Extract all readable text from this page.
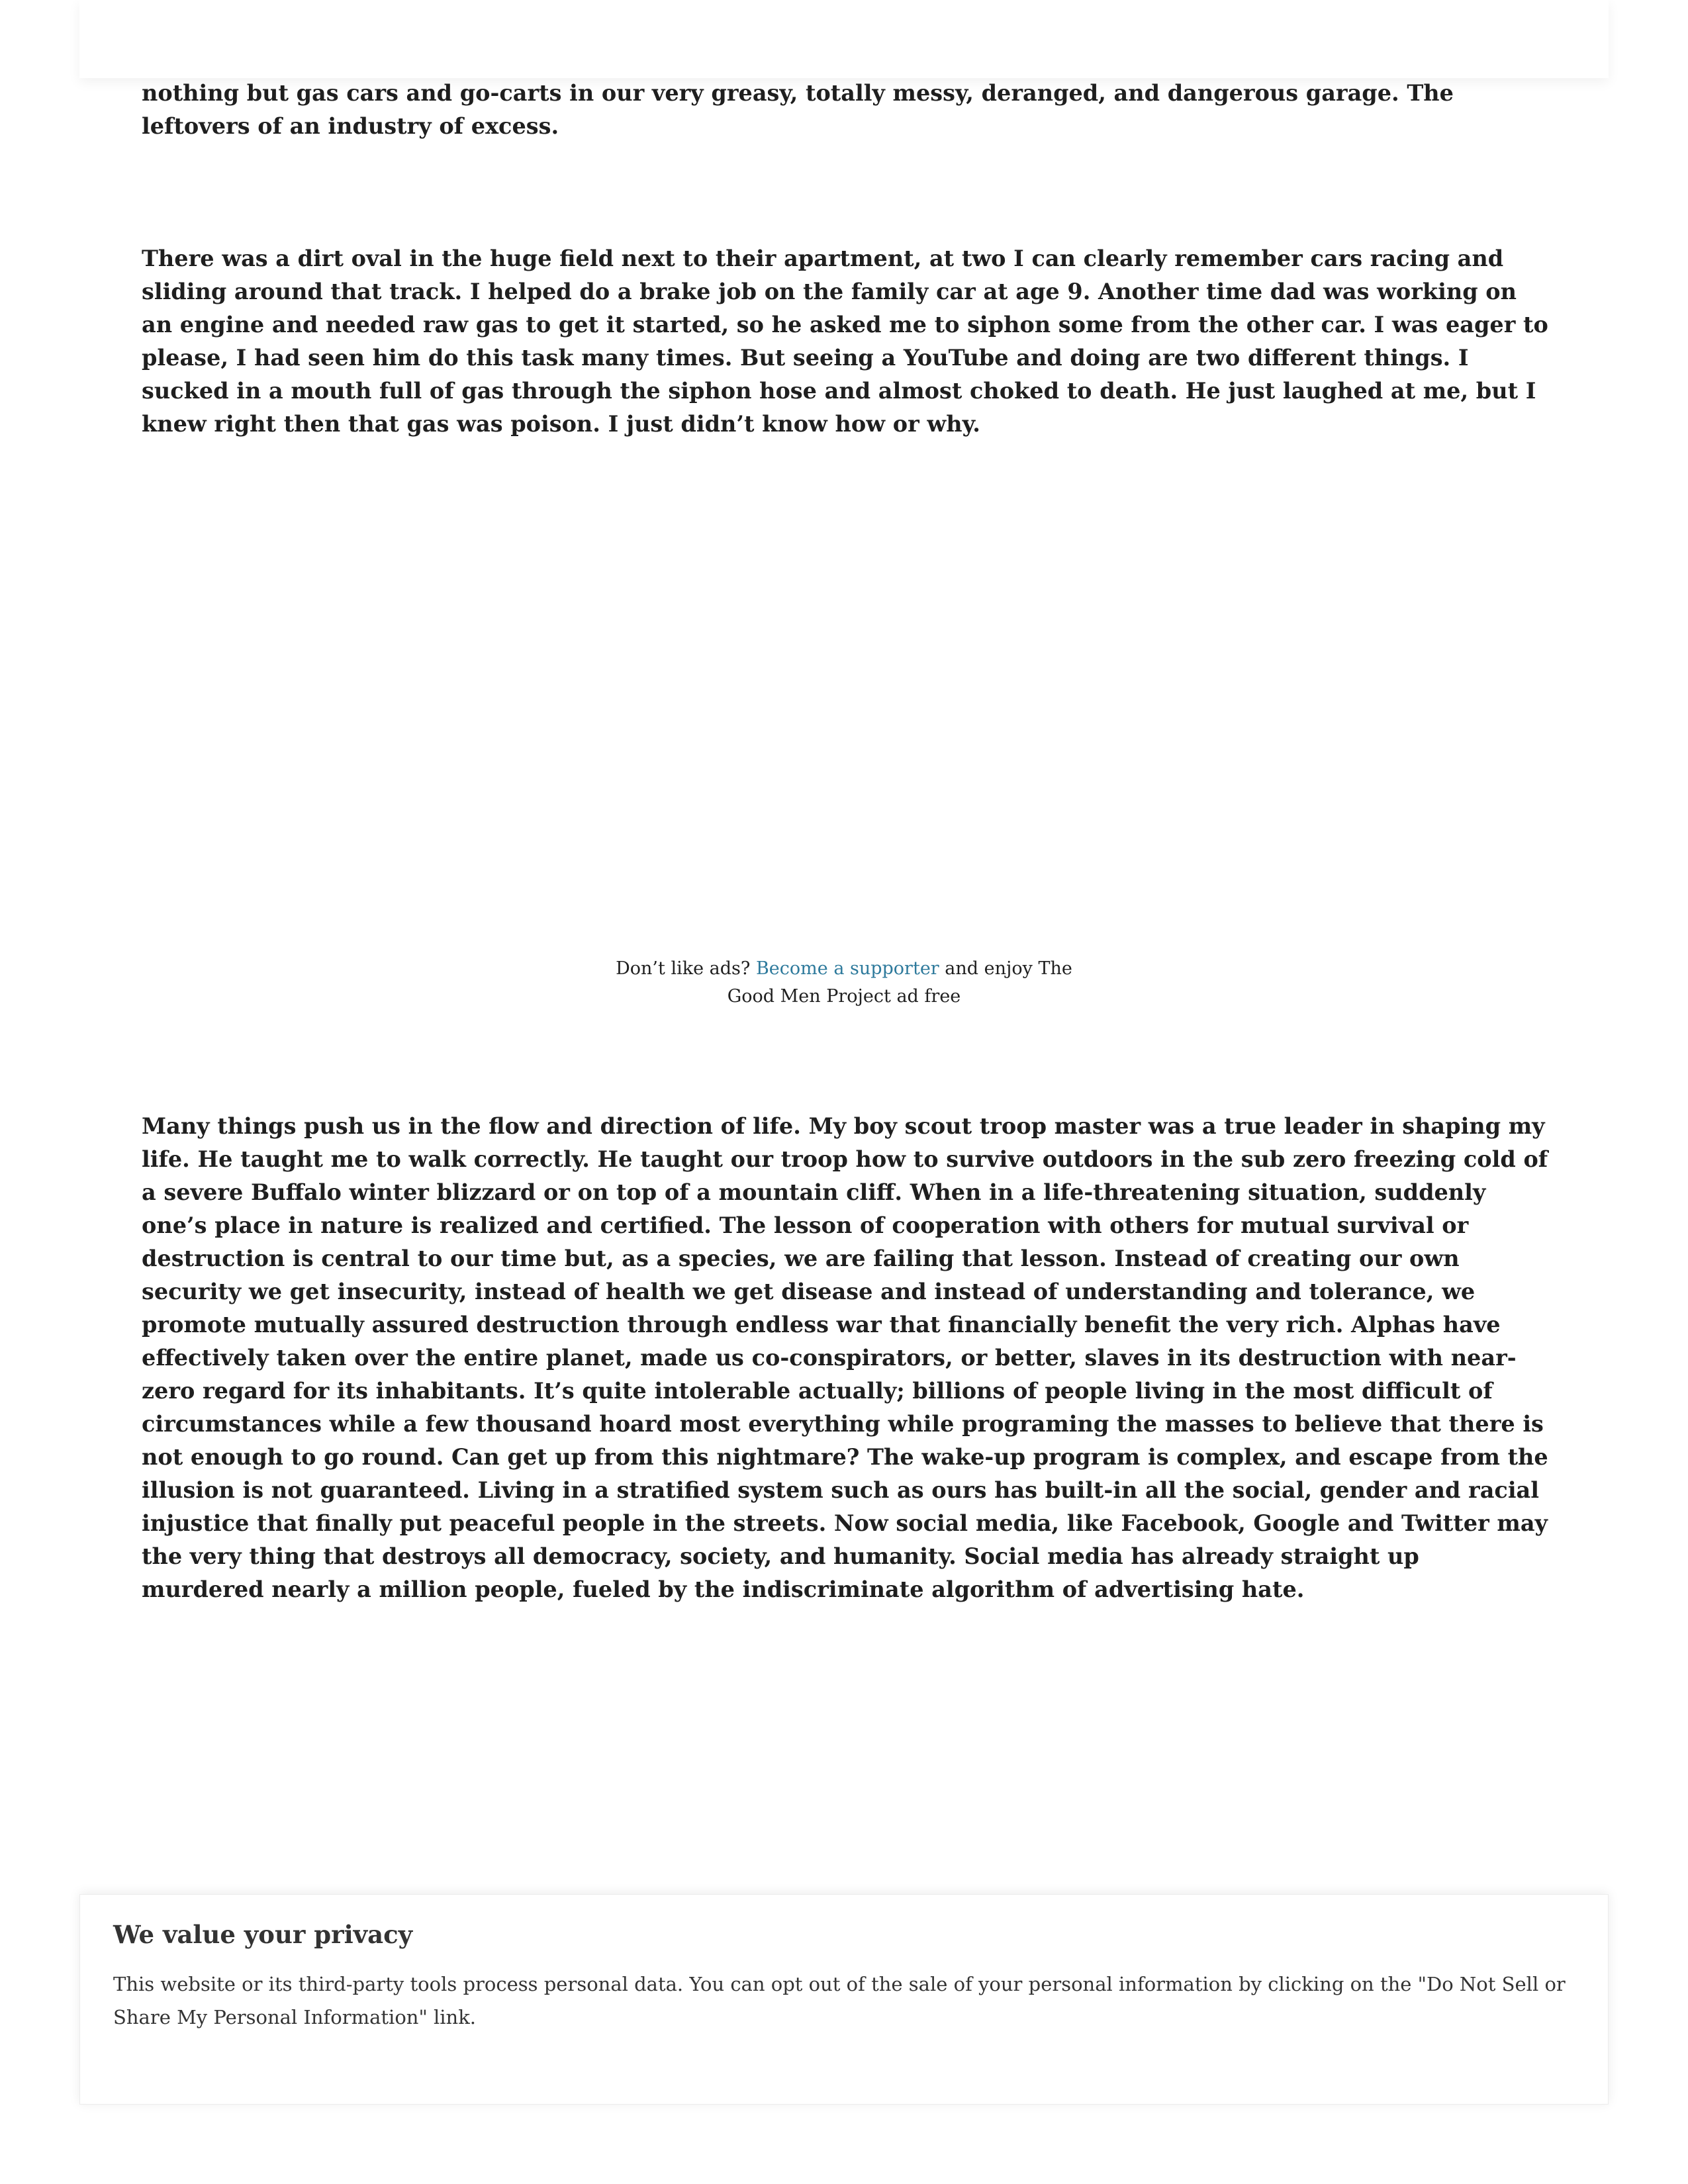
nothing but gas cars and go-carts in our very greasy, totally messy, deranged, and dangerous garage. The leftovers of an industry of excess.

There was a dirt oval in the huge field next to their apartment, at two I can clearly remember cars racing and sliding around that track. I helped do a brake job on the family car at age 9. Another time dad was working on an engine and needed raw gas to get it started, so he asked me to siphon some from the other car. I was eager to please, I had seen him do this task many times. But seeing a YouTube and doing are two different things. I sucked in a mouth full of gas through the siphon hose and almost choked to death. He just laughed at me, but I knew right then that gas was poison. I just didn’t know how or why.

Don’t like ads? Become a supporter and enjoy The Good Men Project ad free

Many things push us in the flow and direction of life. My boy scout troop master was a true leader in shaping my life. He taught me to walk correctly. He taught our troop how to survive outdoors in the sub zero freezing cold of a severe Buffalo winter blizzard or on top of a mountain cliff. When in a life-threatening situation, suddenly one’s place in nature is realized and certified. The lesson of cooperation with others for mutual survival or destruction is central to our time but, as a species, we are failing that lesson. Instead of creating our own security we get insecurity, instead of health we get disease and instead of understanding and tolerance, we promote mutually assured destruction through endless war that financially benefit the very rich. Alphas have effectively taken over the entire planet, made us co-conspirators, or better, slaves in its destruction with near-zero regard for its inhabitants. It’s quite intolerable actually; billions of people living in the most difficult of circumstances while a few thousand hoard most everything while programing the masses to believe that there is not enough to go round. Can get up from this nightmare? The wake-up program is complex, and escape from the illusion is not guaranteed. Living in a stratified system such as ours has built-in all the social, gender and racial injustice that finally put peaceful people in the streets. Now social media, like Facebook, Google and Twitter may the very thing that destroys all democracy, society, and humanity. Social media has already straight up murdered nearly a million people, fueled by the indiscriminate algorithm of advertising hate.

We value your privacy

This website or its third-party tools process personal data. You can opt out of the sale of your personal information by clicking on the "Do Not Sell or Share My Personal Information" link.
